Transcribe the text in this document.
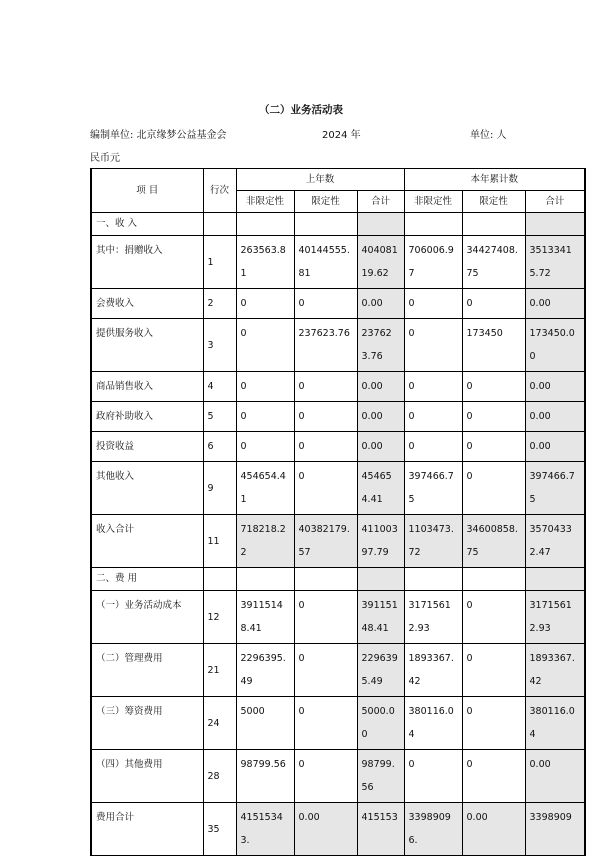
（二）业务活动表
编制单位: 北京缘梦公益基金会	2024 年	单位: 人
民币元
项 目	行次	上年数			本年累计数		
		非限定性	限定性	合计	非限定性	限定性	合计
一、收 入							
其中：捐赠收入	1	263563.81	40144555.81	40408119.62	706006.97	34427408.75	35133415.72
会费收入	2	0	0	0.00	0	0	0.00
提供服务收入	3	0	237623.76	237623.76	0	173450	173450.00
商品销售收入	4	0	0	0.00	0	0	0.00
政府补助收入	5	0	0	0.00	0	0	0.00
投资收益	6	0	0	0.00	0	0	0.00
其他收入	9	454654.41	0	454654.41	397466.75	0	397466.75
收入合计	11	718218.22	40382179.57	41100397.79	1103473.72	34600858.75	35704332.47
二、费 用							
（一）业务活动成本	12	39115148.41	0	39115148.41	31715612.93	0	31715612.93
（二）管理费用	21	2296395.49	0	2296395.49	1893367.42	0	1893367.42
（三）筹资费用	24	5000	0	5000.00	380116.04	0	380116.04
（四）其他费用	28	98799.56	0	98799.56	0	0	0.00
费用合计	35	41515343.	0.00	415153	33989096.	0.00	3398909
